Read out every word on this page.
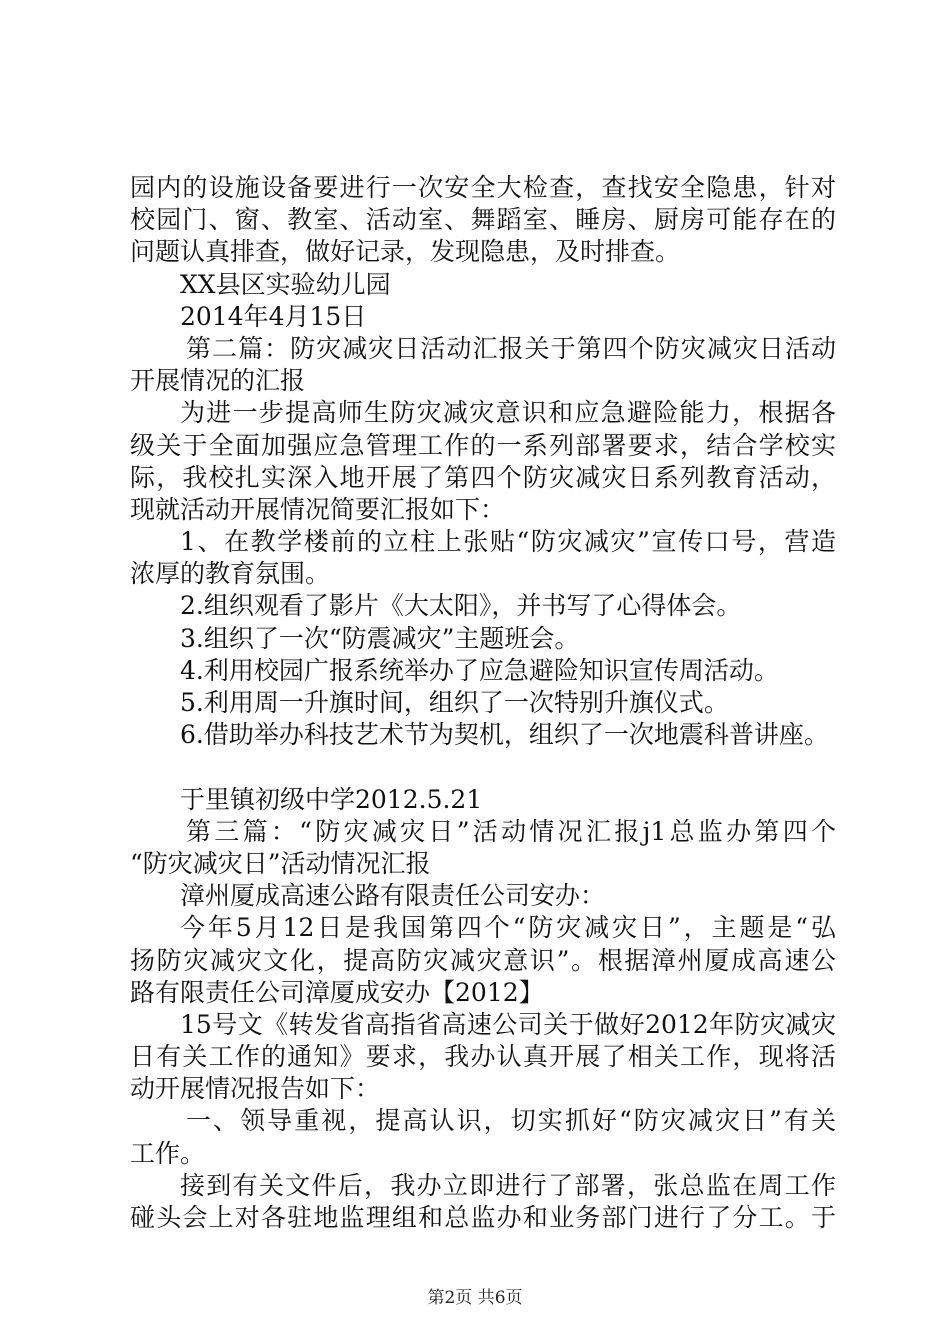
园内的设施设备要进行一次安全大检查，查找安全隐患，针对
校园门、窗、教室、活动室、舞蹈室、睡房、厨房可能存在的
问题认真排查，做好记录，发现隐患，及时排查。
XX县区实验幼儿园
2014年4月15日
第二篇：防灾减灾日活动汇报关于第四个防灾减灾日活动
开展情况的汇报
为进一步提高师生防灾减灾意识和应急避险能力，根据各
级关于全面加强应急管理工作的一系列部署要求，结合学校实
际，我校扎实深入地开展了第四个防灾减灾日系列教育活动，
现就活动开展情况简要汇报如下：
1、在教学楼前的立柱上张贴“防灾减灾”宣传口号，营造
浓厚的教育氛围。
2.组织观看了影片《大太阳》，并书写了心得体会。
3.组织了一次“防震减灾”主题班会。
4.利用校园广报系统举办了应急避险知识宣传周活动。
5.利用周一升旗时间，组织了一次特别升旗仪式。
6.借助举办科技艺术节为契机，组织了一次地震科普讲座。
于里镇初级中学2012.5.21
第三篇：“防灾减灾日”活动情况汇报j1总监办第四个
“防灾减灾日”活动情况汇报
漳州厦成高速公路有限责任公司安办：
今年5月12日是我国第四个“防灾减灾日”，主题是“弘
扬防灾减灾文化，提高防灾减灾意识”。根据漳州厦成高速公
路有限责任公司漳厦成安办【2012】
15号文《转发省高指省高速公司关于做好2012年防灾减灾
日有关工作的通知》要求，我办认真开展了相关工作，现将活
动开展情况报告如下：
一、领导重视，提高认识，切实抓好“防灾减灾日”有关
工作。
接到有关文件后，我办立即进行了部署，张总监在周工作
碰头会上对各驻地监理组和总监办和业务部门进行了分工。于
第2页 共6页
